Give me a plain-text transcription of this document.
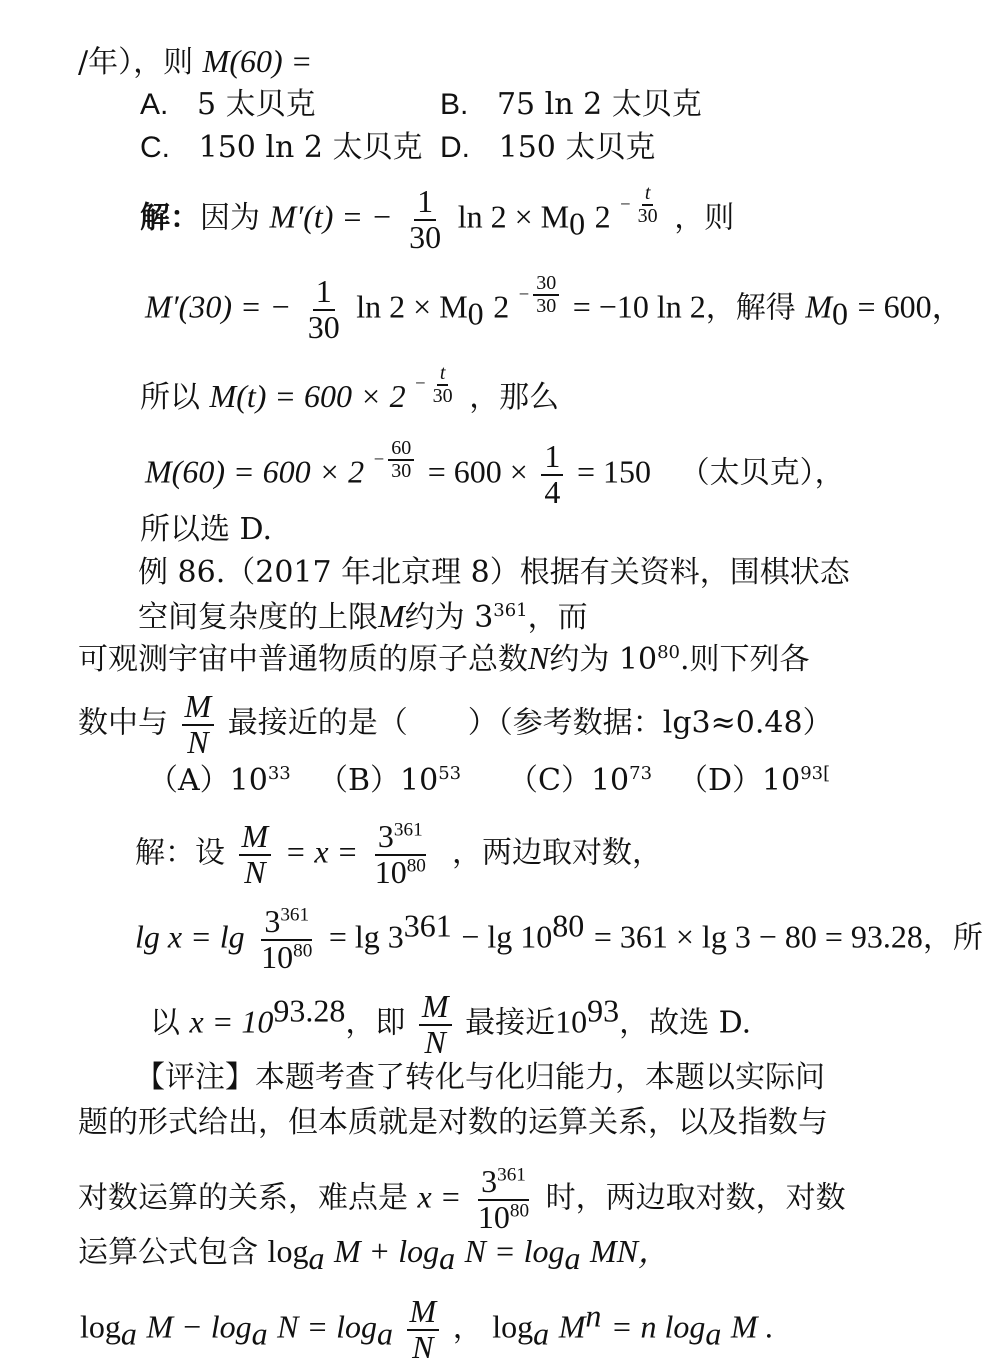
/年），则 M(60) =
A. 5 太贝克	B. 75 ln 2 太贝克
C. 150 ln 2 太贝克 D. 150 太贝克
解：因为 M′(t) = − $\frac{1}{30}$ $\ln 2 \times M_0$ 2 $^{- \frac{t}{30}}$ ，则
M′(30) = − $\frac{1}{30}$ $\ln 2 \times M_0$ 2 $^{- \frac{30}{30}}$ = −10 ln 2，解得 $M_0 = 600$，
所以 M(t) = 600 × 2 $^{- \frac{t}{30}}$ ，那么
M(60) = 600 × 2 $^{- \frac{60}{30}} = 600 \times \frac{1}{4} = 150$ （太贝克），
所以选 D.
例 86.（2017 年北京理 8）根据有关资料，围棋状态
空间复杂度的上限M约为 $3^{361}$，而
可观测宇宙中普通物质的原子总数N约为 $10^{80}$.则下列各
数中与 $\frac{M}{N}$ 最接近的是（　　）（参考数据：lg3≈0.48）
$(A)10^{33}$ $(B)10^{53}$ $(C)10^{73}$ $(D)10^{93[}$
解：设 $\frac{M}{N} = x = \frac{3^{361}}{10^{80}}$ ，两边取对数，
$\lg x = \lg \frac{3^{361}}{10^{80}} = \lg 3^{361} - \lg 10^{80} = 361 \times \lg 3 - 80 = 93.28$，所
以 $x = 10^{93.28}$，即 $\frac{M}{N}$ 最接近$10^{93}$，故选 D.
【评注】本题考查了转化与化归能力，本题以实际问
题的形式给出，但本质就是对数的运算关系，以及指数与
对数运算的关系，难点是 $x = \frac{3^{361}}{10^{80}}$ 时，两边取对数，对数
运算公式包含 $\log_a M + \log_a N = \log_a$ MN，
$\log_a M - \log_a N = \log_a \frac{M}{N}$ ， $\log_a M^n = n$ $\log_a M$ .
